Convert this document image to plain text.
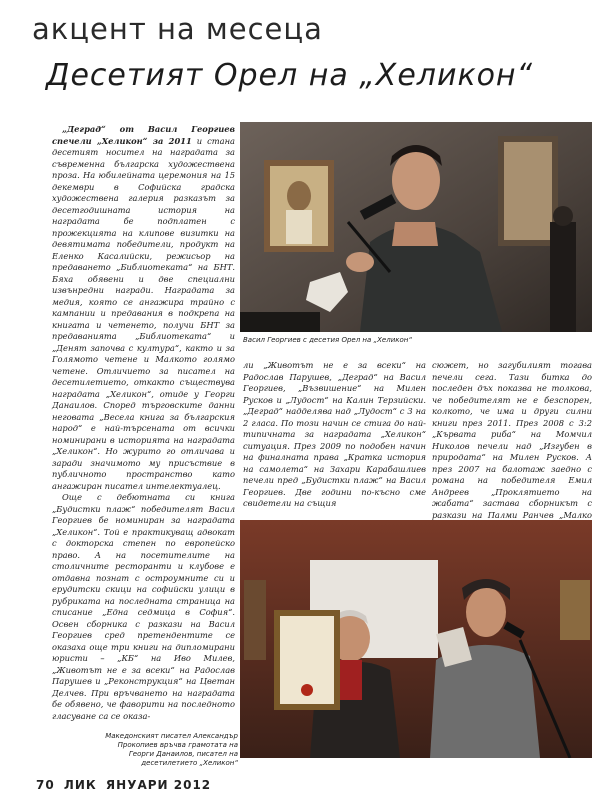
акцент на месеца
Десетият Орел на „Хеликон“

„Деград“ от Васил Георгиев спечели „Хеликон“ за 2011 и стана десетият носител на наградата за съвременна българска художествена проза. На юбилейната церемония на 15 декември в Софийска градска художествена галерия разказът за десетгодишната история на наградата бе подплатен с прожекцията на клипове визитки на девятимата победители, продукт на Еленко Касалийски, режисьор на предаването „Библиотеката“ на БНТ. Бяха обявени и две специални извънредни награди. Наградата за медия, която се ангажира трайно с кампании и предавания в подкрепа на книгата и четенето, получи БНТ за предаванията „Библиотеката“ и „Денят започва с култура“, както и за Голямото четене и Малкото голямо четене. Отличието за писател на десетилетието, откакто съществува наградата „Хеликон“, отиде у Георги Данаилов. Според търговските данни неговата „Весела книга за българския народ“ е най-търсената от всички номинирани в историята на наградата „Хеликон“. Но журито го отличава и заради значимото му присъствие в публичното пространство като ангажиран писател интелектуалец.

Още с дебютната си книга „Будистки плаж“ победителят Васил Георгиев бе номиниран за наградата „Хеликон“. Той е практикуващ адвокат с докторска степен по европейско право. А на посетителите на столичните ресторанти и клубове е отдавна познат с остроумните си и ерудитски скици на софийски улици в рубриката на последната страница на списание „Една седмица в София“. Освен сборника с разкази на Васил Георгиев сред претендентите се оказаха още три книги на дипломирани юристи – „КБ“ на Иво Милев, „Животът не е за всеки“ на Радослав Парушев и „Реконструкция“ на Цветан Делчев. При връчването на наградата бе обявено, че фаворити на последното гласуване са се оказа-

Васил Георгиев с десетия Орел на „Хеликон“

ли „Животът не е за всеки“ на Радослав Парушев, „Деград“ на Васил Георгиев, „Възвишение“ на Милен Русков и „Лудост“ на Калин Терзийски. „Деград“ надделява над „Лудост“ с 3 на 2 гласа. По този начин се стига до най-типичната за наградата „Хеликон“ ситуация. През 2009 по подобен начин на финалната права „Кратка история на самолета“ на Захари Карабашлиев печели пред „Будистки плаж“ на Васил Георгиев. Две години по-късно сме свидетели на същия

сюжет, но загубилият тогава печели сега. Тази битка до последен дъх показва не толкова, че победителят не е безспорен, колкото, че има и други силни книги през 2011. През 2008 с 3:2 „Кървата риба“ на Момчил Николов печели над „Изгубен в природата“ на Милен Русков. А през 2007 на балотаж заедно с романа на победителя Емил Андреев „Проклятието на жабата“ застава сборникът с разкази на Палми Ранчев „Малко

Македонският писател Александър Прокопиев връчва грамотата на Георги Данаилов, писател на десетилетието „Хеликон“
70 ЛИК ЯНУАРИ 2012
